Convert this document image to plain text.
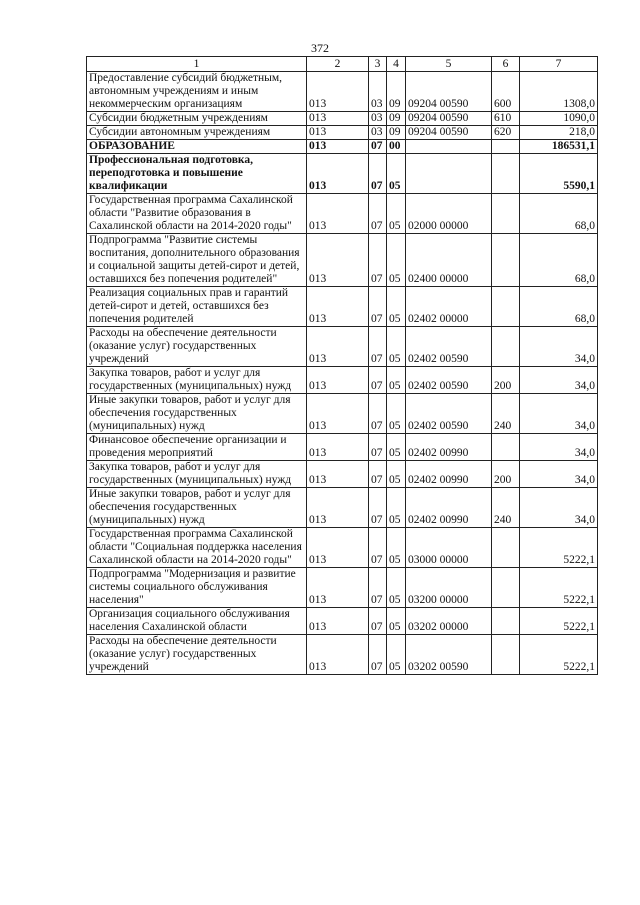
372
1	2	3	4	5	6	7
Предоставление субсидий бюджетным, автономным учреждениям и иным некоммерческим организациям	013	03	09	09204 00590	600	1308,0
Субсидии бюджетным учреждениям	013	03	09	09204 00590	610	1090,0
Субсидии автономным учреждениям	013	03	09	09204 00590	620	218,0
ОБРАЗОВАНИЕ	013	07	00			186531,1
Профессиональная подготовка, переподготовка и повышение квалификации	013	07	05			5590,1
Государственная программа Сахалинской области "Развитие образования в Сахалинской области на 2014-2020 годы"	013	07	05	02000 00000		68,0
Подпрограмма "Развитие системы воспитания, дополнительного образования и социальной защиты детей-сирот и детей, оставшихся без попечения родителей"	013	07	05	02400 00000		68,0
Реализация социальных прав и гарантий детей-сирот и детей, оставшихся без попечения родителей	013	07	05	02402 00000		68,0
Расходы на обеспечение деятельности (оказание услуг) государственных учреждений	013	07	05	02402 00590		34,0
Закупка товаров, работ и услуг для государственных (муниципальных) нужд	013	07	05	02402 00590	200	34,0
Иные закупки товаров, работ и услуг для обеспечения государственных (муниципальных) нужд	013	07	05	02402 00590	240	34,0
Финансовое обеспечение организации и проведения мероприятий	013	07	05	02402 00990		34,0
Закупка товаров, работ и услуг для государственных (муниципальных) нужд	013	07	05	02402 00990	200	34,0
Иные закупки товаров, работ и услуг для обеспечения государственных (муниципальных) нужд	013	07	05	02402 00990	240	34,0
Государственная программа Сахалинской области "Социальная поддержка населения Сахалинской области на 2014-2020 годы"	013	07	05	03000 00000		5222,1
Подпрограмма "Модернизация и развитие системы социального обслуживания населения"	013	07	05	03200 00000		5222,1
Организация социального обслуживания населения Сахалинской области	013	07	05	03202 00000		5222,1
Расходы на обеспечение деятельности (оказание услуг) государственных учреждений	013	07	05	03202 00590		5222,1
